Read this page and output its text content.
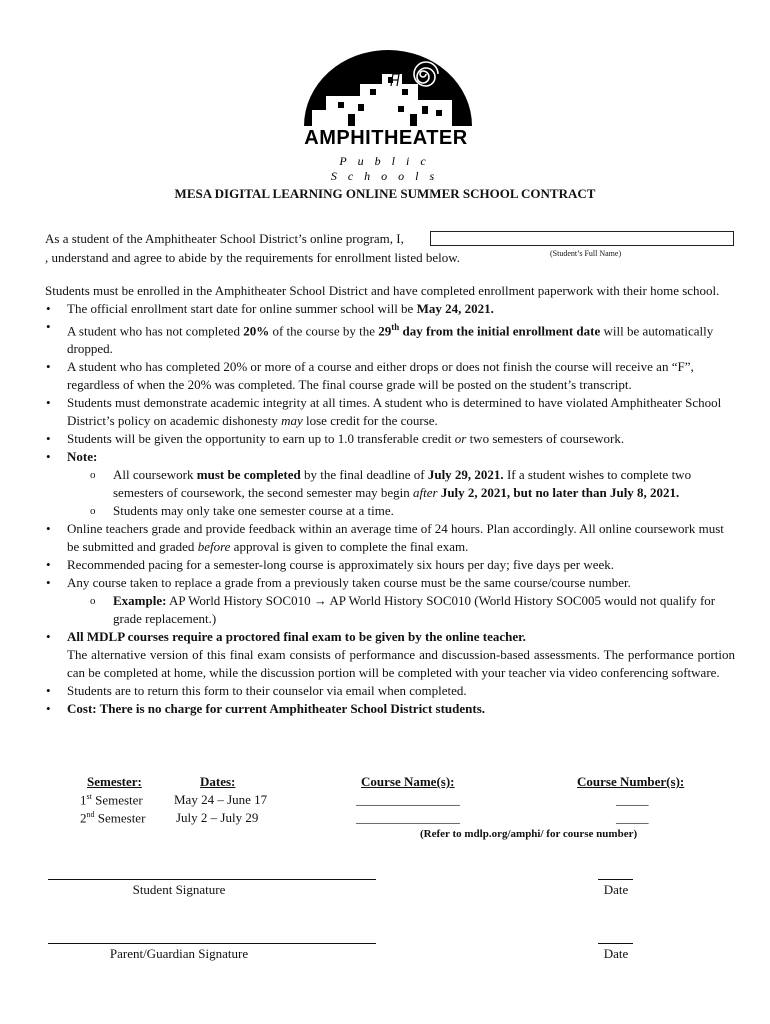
AMPHITHEATER
Public Schools
MESA DIGITAL LEARNING ONLINE SUMMER SCHOOL CONTRACT
As a student of the Amphitheater School District’s online program, I,
, understand and agree to abide by the requirements for enrollment listed below.	(Student’s Full Name)

Students must be enrolled in the Amphitheater School District and have completed enrollment paperwork with their home school.

• The official enrollment start date for online summer school will be May 24, 2021.
• A student who has not completed 20% of the course by the 29th day from the initial enrollment date will be automatically dropped.
• A student who has completed 20% or more of a course and either drops or does not finish the course will receive an “F”, regardless of when the 20% was completed. The final course grade will be posted on the student’s transcript.
• Students must demonstrate academic integrity at all times. A student who is determined to have violated Amphitheater School District’s policy on academic dishonesty may lose credit for the course.
• Students will be given the opportunity to earn up to 1.0 transferable credit or two semesters of coursework.
• Note:
o All coursework must be completed by the final deadline of July 29, 2021. If a student wishes to complete two semesters of coursework, the second semester may begin after July 2, 2021, but no later than July 8, 2021.
o Students may only take one semester course at a time.
• Online teachers grade and provide feedback within an average time of 24 hours. Plan accordingly. All online coursework must be submitted and graded before approval is given to complete the final exam.
• Recommended pacing for a semester-long course is approximately six hours per day; five days per week.
• Any course taken to replace a grade from a previously taken course must be the same course/course number.
o Example: AP World History SOC010 → AP World History SOC010 (World History SOC005 would not qualify for grade replacement.)
• All MDLP courses require a proctored final exam to be given by the online teacher.
The alternative version of this final exam consists of performance and discussion-based assessments. The performance portion can be completed at home, while the discussion portion will be completed with your teacher via video conferencing software.
• Students are to return this form to their counselor via email when completed.
• Cost: There is no charge for current Amphitheater School District students.
Semester:	Dates:	Course Name(s):	Course Number(s):
1st Semester May 24 – June 17	________________	_____
2nd Semester July 2 – July 29	________________	_____
(Refer to mdlp.org/amphi/ for course number)
Student Signature	Date
Parent/Guardian Signature	Date
